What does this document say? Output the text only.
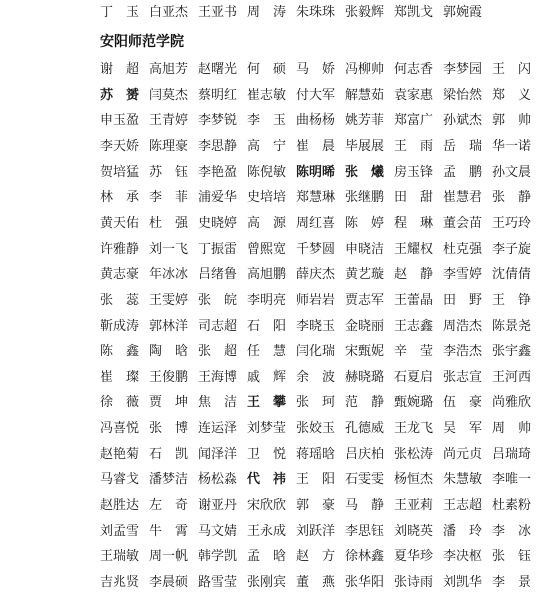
丁　玉 白亚杰 王亚书 周　涛 朱珠珠 张毅辉 郑凯戈 郭婉霞
安阳师范学院
谢　超 高旭芳 赵曙光 何　硕 马　娇 冯柳帅 何志香 李梦园 王　闪
苏　赟 闫莫杰 蔡明红 崔志敏 付大军 解慧茹 袁家惠 梁怡然 郑　义
申玉盈 王青婷 李梦锐 李　玉 曲杨杨 姚芳菲 郑富广 孙斌杰 郭　帅
李天娇 陈理豪 李思静 高　宁 崔　晨 毕展展 王　雨 岳　瑞 华一诺
贺培猛 苏　钰 李艳盈 陈倪敏 陈明晞 张　爔 房玉锋 孟　鹏 孙文晨
林　承 李　菲 浦爱华 史培培 郑慧琳 张继鹏 田　甜 崔慧君 张　静
黄天佑 杜　强 史晓婷 高　源 周红喜 陈　婷 程　琳 董会苗 王巧玲
许雅静 刘一飞 丁振雷 曾熙宽 千梦圆 申晓洁 王耀权 杜克强 李子旋
黄志豪 年冰冰 吕绪鲁 高旭鹏 薛庆杰 黄艺璇 赵　静 李雪婷 沈倩倩
张　蕊 王雯婷 张　皖 李明亮 师岩岩 贾志军 王蕾晶 田　野 王　铮
靳成涛 郭林洋 司志超 石　阳 李晓玉 金晓丽 王志鑫 周浩杰 陈景尧
陈　鑫 陶　晗 张　超 任　慧 闫化瑞 宋甄妮 辛　莹 李浩杰 张宇鑫
崔　璨 王俊鹏 王海博 戚　辉 余　波 赫晓璐 石夏启 张志宣 王河西
徐　薇 贾　坤 焦　洁 王　攀 张　珂 范　静 甄婉璐 伍　豪 尚雅欣
冯喜悦 张　博 连运泽 刘梦莹 张姣玉 孔德威 王龙飞 吴　军 周　帅
赵艳菊 石　凯 闻泽洋 卫　悦 蒋瑶晗 吕庆柏 张松涛 尚元贞 吕瑞琦
马睿戈 潘梦洁 杨松淼 代　祎 王　阳 石雯雯 杨恒杰 朱慧敏 李唯一
赵胜达 左　奇 谢亚丹 宋欣欣 郭　豪 马　静 王亚莉 王志超 杜素粉
刘孟雪 牛　霄 马文婧 王永成 刘跃洋 李思钰 刘晓英 潘　玲 李　冰
王瑞敏 周一帆 韩学凯 孟　晗 赵　方 徐林鑫 夏华珍 李决枢 张　钰
吉兆贤 李晨硕 路雪莹 张刚宾 董　燕 张华阳 张诗雨 刘凯华 李　景
